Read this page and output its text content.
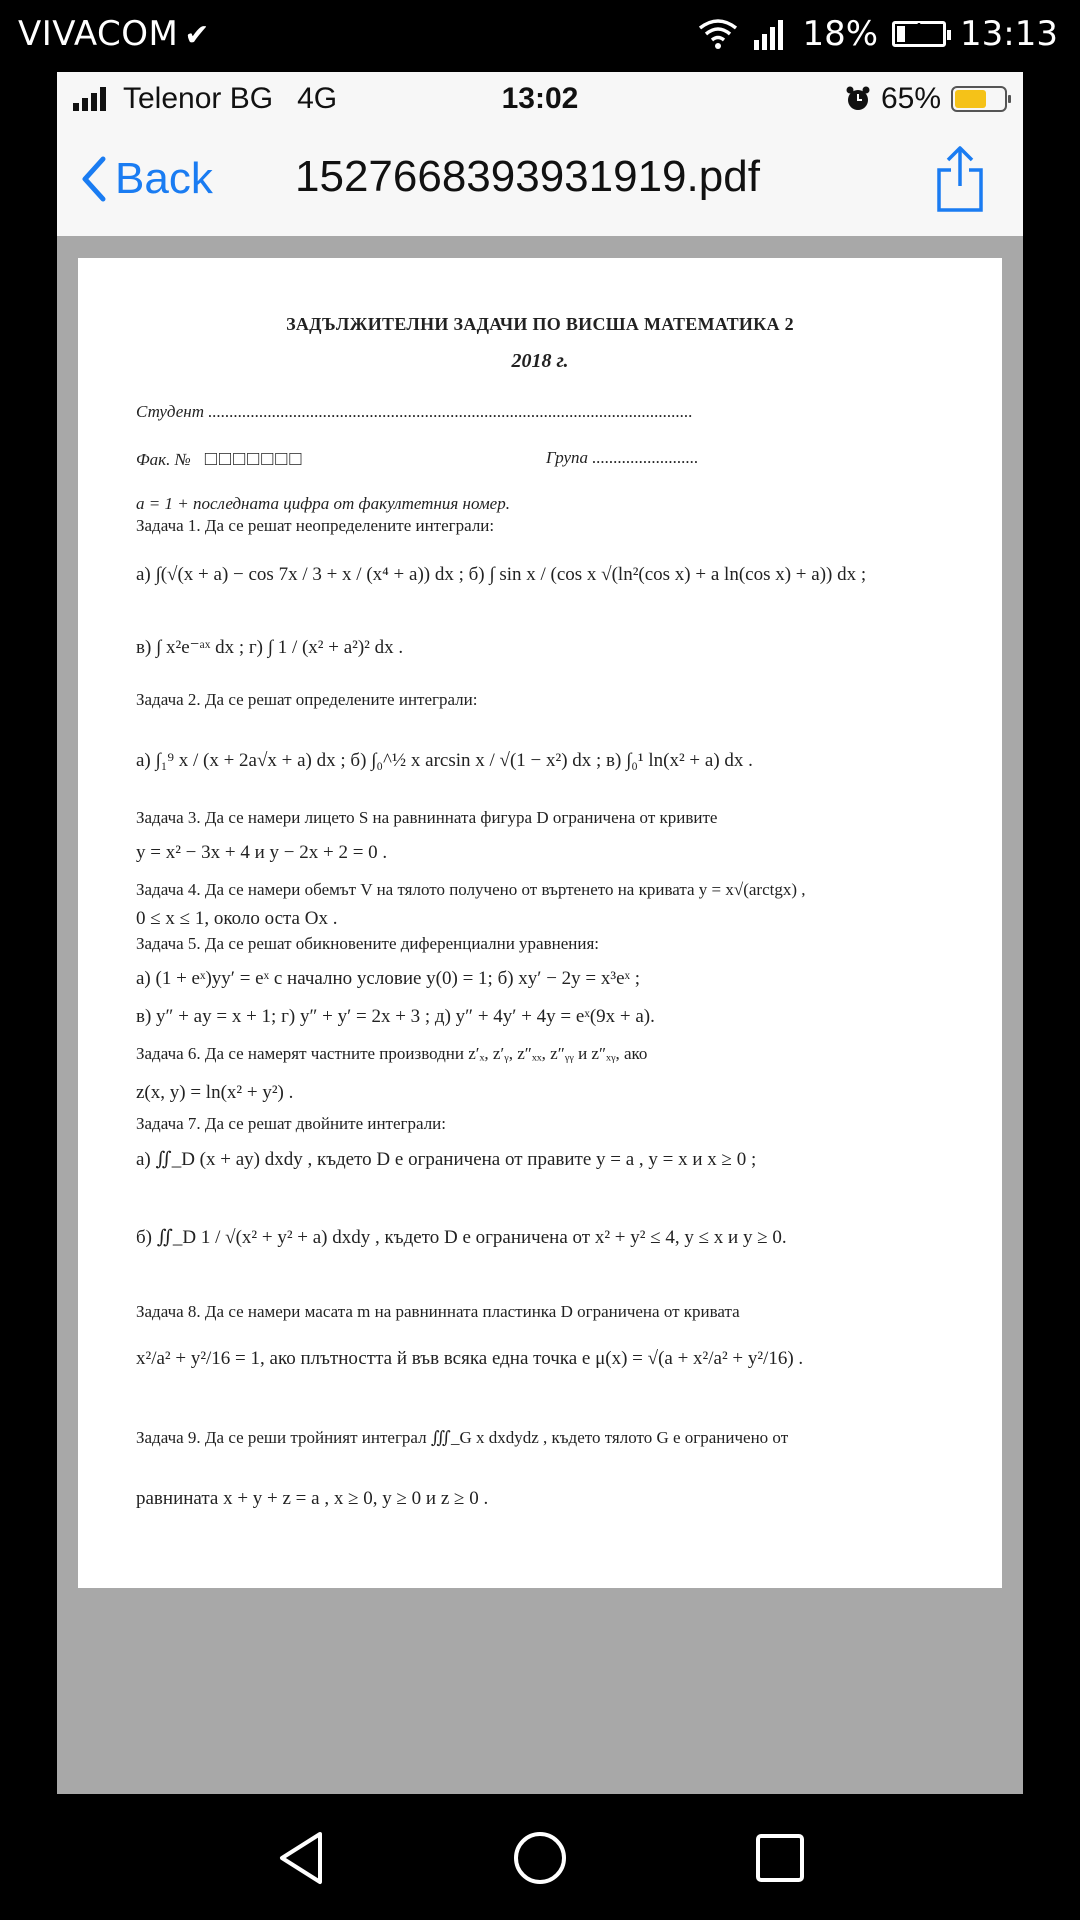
VIVACOM ✔	18%	+ 13:13
Telenor BG 4G	13:02	65%
Back 1527668393931919.pdf
ЗАДЪЛЖИТЕЛНИ ЗАДАЧИ ПО ВИСША МАТЕМАТИКА 2
2018 г.
Студент ..................................................................................................................
Фак. № □□□□□□□	Група .........................
a = 1 + последната цифра от факултетния номер.
Задача 1. Да се решат неопределените интеграли:
а) ∫(√(x + a) − cos 7x / 3 + x / (x⁴ + a)) dx ; б) ∫ sin x / (cos x √(ln²(cos x) + a ln(cos x) + a)) dx ;
в) ∫ x²e⁻ᵃˣ dx ; г) ∫ 1 / (x² + a²)² dx .
Задача 2. Да се решат определените интеграли:
а) ∫₁⁹ x / (x + 2a√x + a) dx ; б) ∫₀^½ x arcsin x / √(1 − x²) dx ; в) ∫₀¹ ln(x² + a) dx .
Задача 3. Да се намери лицето S на равнинната фигура D ограничена от кривите
y = x² − 3x + 4 и y − 2x + 2 = 0 .
Задача 4. Да се намери обемът V на тялото получено от въртенето на кривата y = x√(arctgx) ,
0 ≤ x ≤ 1, около оста Ox .
Задача 5. Да се решат обикновените диференциални уравнения:
а) (1 + eˣ)yy′ = eˣ с начално условие y(0) = 1; б) xy′ − 2y = x³eˣ ;
в) y″ + ay = x + 1; г) y″ + y′ = 2x + 3 ; д) y″ + 4y′ + 4y = eˣ(9x + a).
Задача 6. Да се намерят частните производни z′ₓ, z′ᵧ, z″ₓₓ, z″ᵧᵧ и z″ₓᵧ, ако
z(x, y) = ln(x² + y²) .
Задача 7. Да се решат двойните интеграли:
а) ∬_D (x + ay) dxdy , където D е ограничена от правите y = a , y = x и x ≥ 0 ;
б) ∬_D 1 / √(x² + y² + a) dxdy , където D е ограничена от x² + y² ≤ 4, y ≤ x и y ≥ 0.
Задача 8. Да се намери масата m на равнинната пластинка D ограничена от кривата
x²/a² + y²/16 = 1, ако плътността й във всяка една точка е μ(x) = √(a + x²/a² + y²/16) .
Задача 9. Да се реши тройният интеграл ∭_G x dxdydz , където тялото G е ограничено от
равнината x + y + z = a , x ≥ 0, y ≥ 0 и z ≥ 0 .
